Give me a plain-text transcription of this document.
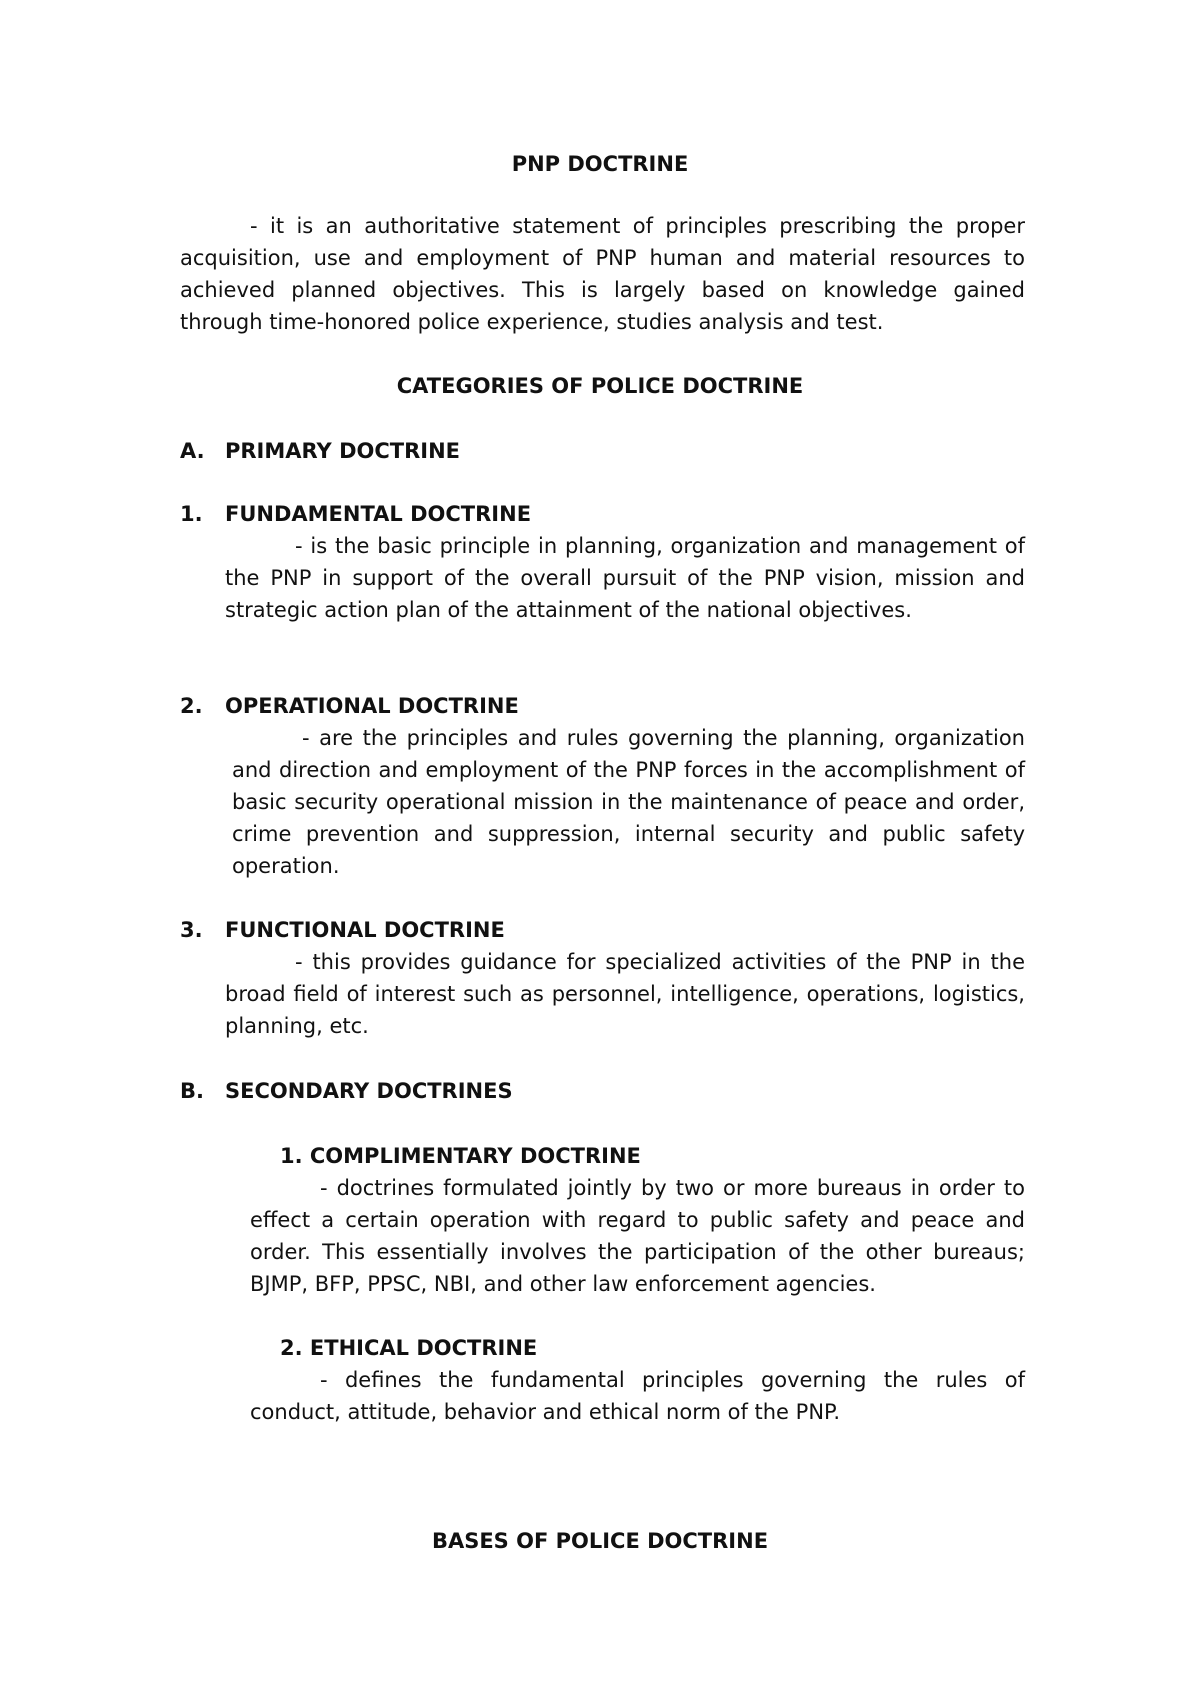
PNP DOCTRINE
- it is an authoritative statement of principles prescribing the proper acquisition, use and employment of PNP human and material resources to achieved planned objectives. This is largely based on knowledge gained through time-honored police experience, studies analysis and test.
CATEGORIES OF POLICE DOCTRINE
A. PRIMARY DOCTRINE
1. FUNDAMENTAL DOCTRINE
- is the basic principle in planning, organization and management of the PNP in support of the overall pursuit of the PNP vision, mission and strategic action plan of the attainment of the national objectives.
2. OPERATIONAL DOCTRINE
- are the principles and rules governing the planning, organization and direction and employment of the PNP forces in the accomplishment of basic security operational mission in the maintenance of peace and order, crime prevention and suppression, internal security and public safety operation.
3. FUNCTIONAL DOCTRINE
- this provides guidance for specialized activities of the PNP in the broad field of interest such as personnel, intelligence, operations, logistics, planning, etc.
B. SECONDARY DOCTRINES
1. COMPLIMENTARY DOCTRINE
- doctrines formulated jointly by two or more bureaus in order to effect a certain operation with regard to public safety and peace and order. This essentially involves the participation of the other bureaus; BJMP, BFP, PPSC, NBI, and other law enforcement agencies.
2. ETHICAL DOCTRINE
- defines the fundamental principles governing the rules of conduct, attitude, behavior and ethical norm of the PNP.
BASES OF POLICE DOCTRINE
